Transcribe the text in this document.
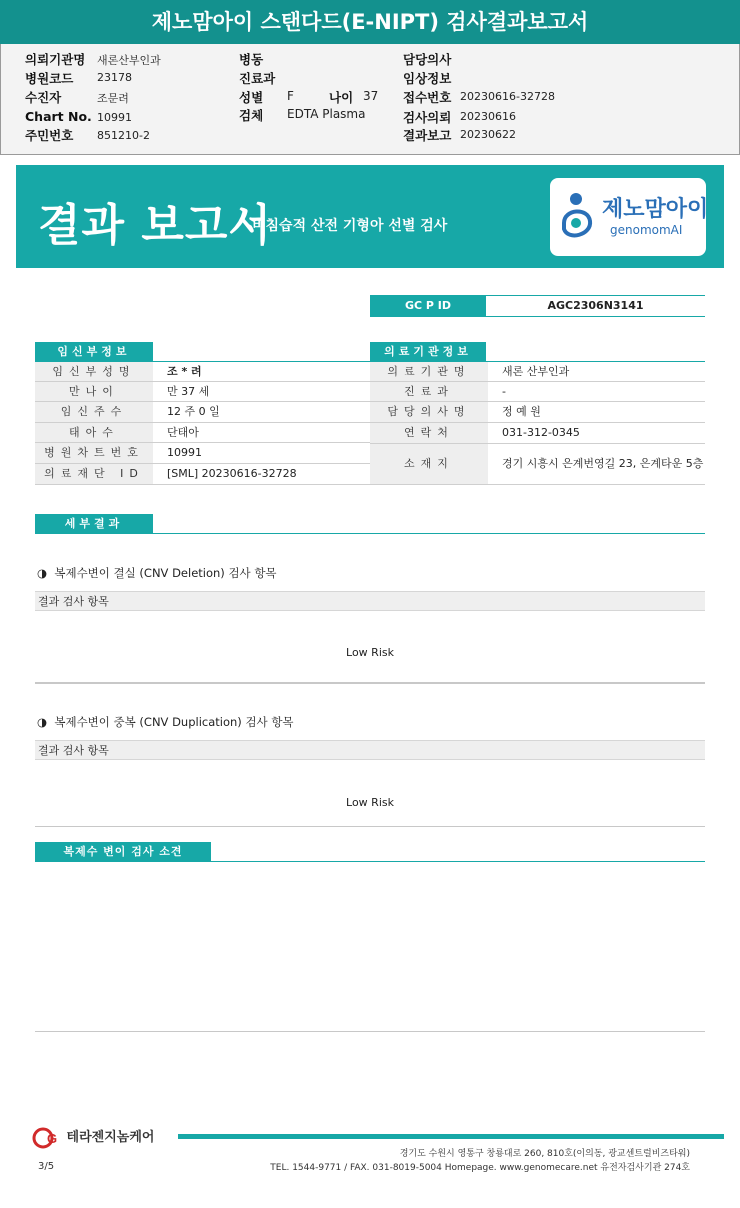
제노맘아이 스탠다드(E-NIPT) 검사결과보고서
의뢰기관명 새론산부인과
병원코드 23178
수진자	조문려
Chart No. 10991
주민번호 851210-2
병동
진료과
성별 F	나이 37
검체 EDTA Plasma
담당의사
임상정보
접수번호 20230616-32728
검사의뢰 20230616
결과보고 20230622
결과 보고서
비침습적 산전 기형아 선별 검사
제노맘아이
genomomAI
GC P ID	AGC2306N3141
임신부정보
임신부성명	조 * 려
만나이	만 37 세
임신주수	12 주 0 일
태아수	단태아
병원차트번호	10991
의료재단 ID	[SML] 20230616-32728
의료기관정보
의료기관명	새론 산부인과
진료과	-
담당의사명	정 예 원
연락처	031-312-0345
소재지	경기 시흥시 은계번영길 23, 은계타운 5층
세부결과
◑ 복제수변이 결실 (CNV Deletion) 검사 항목
결과 검사 항목
Low Risk
◑ 복제수변이 중복 (CNV Duplication) 검사 항목
결과 검사 항목
Low Risk
복제수 변이 검사 소견
G 테라젠지놈케어
경기도 수원시 영통구 창룡대로 260, 810호(이의동, 광교센트럴비즈타워)
TEL. 1544-9771 / FAX. 031-8019-5004 Homepage. www.genomecare.net 유전자검사기관 274호
3/5
